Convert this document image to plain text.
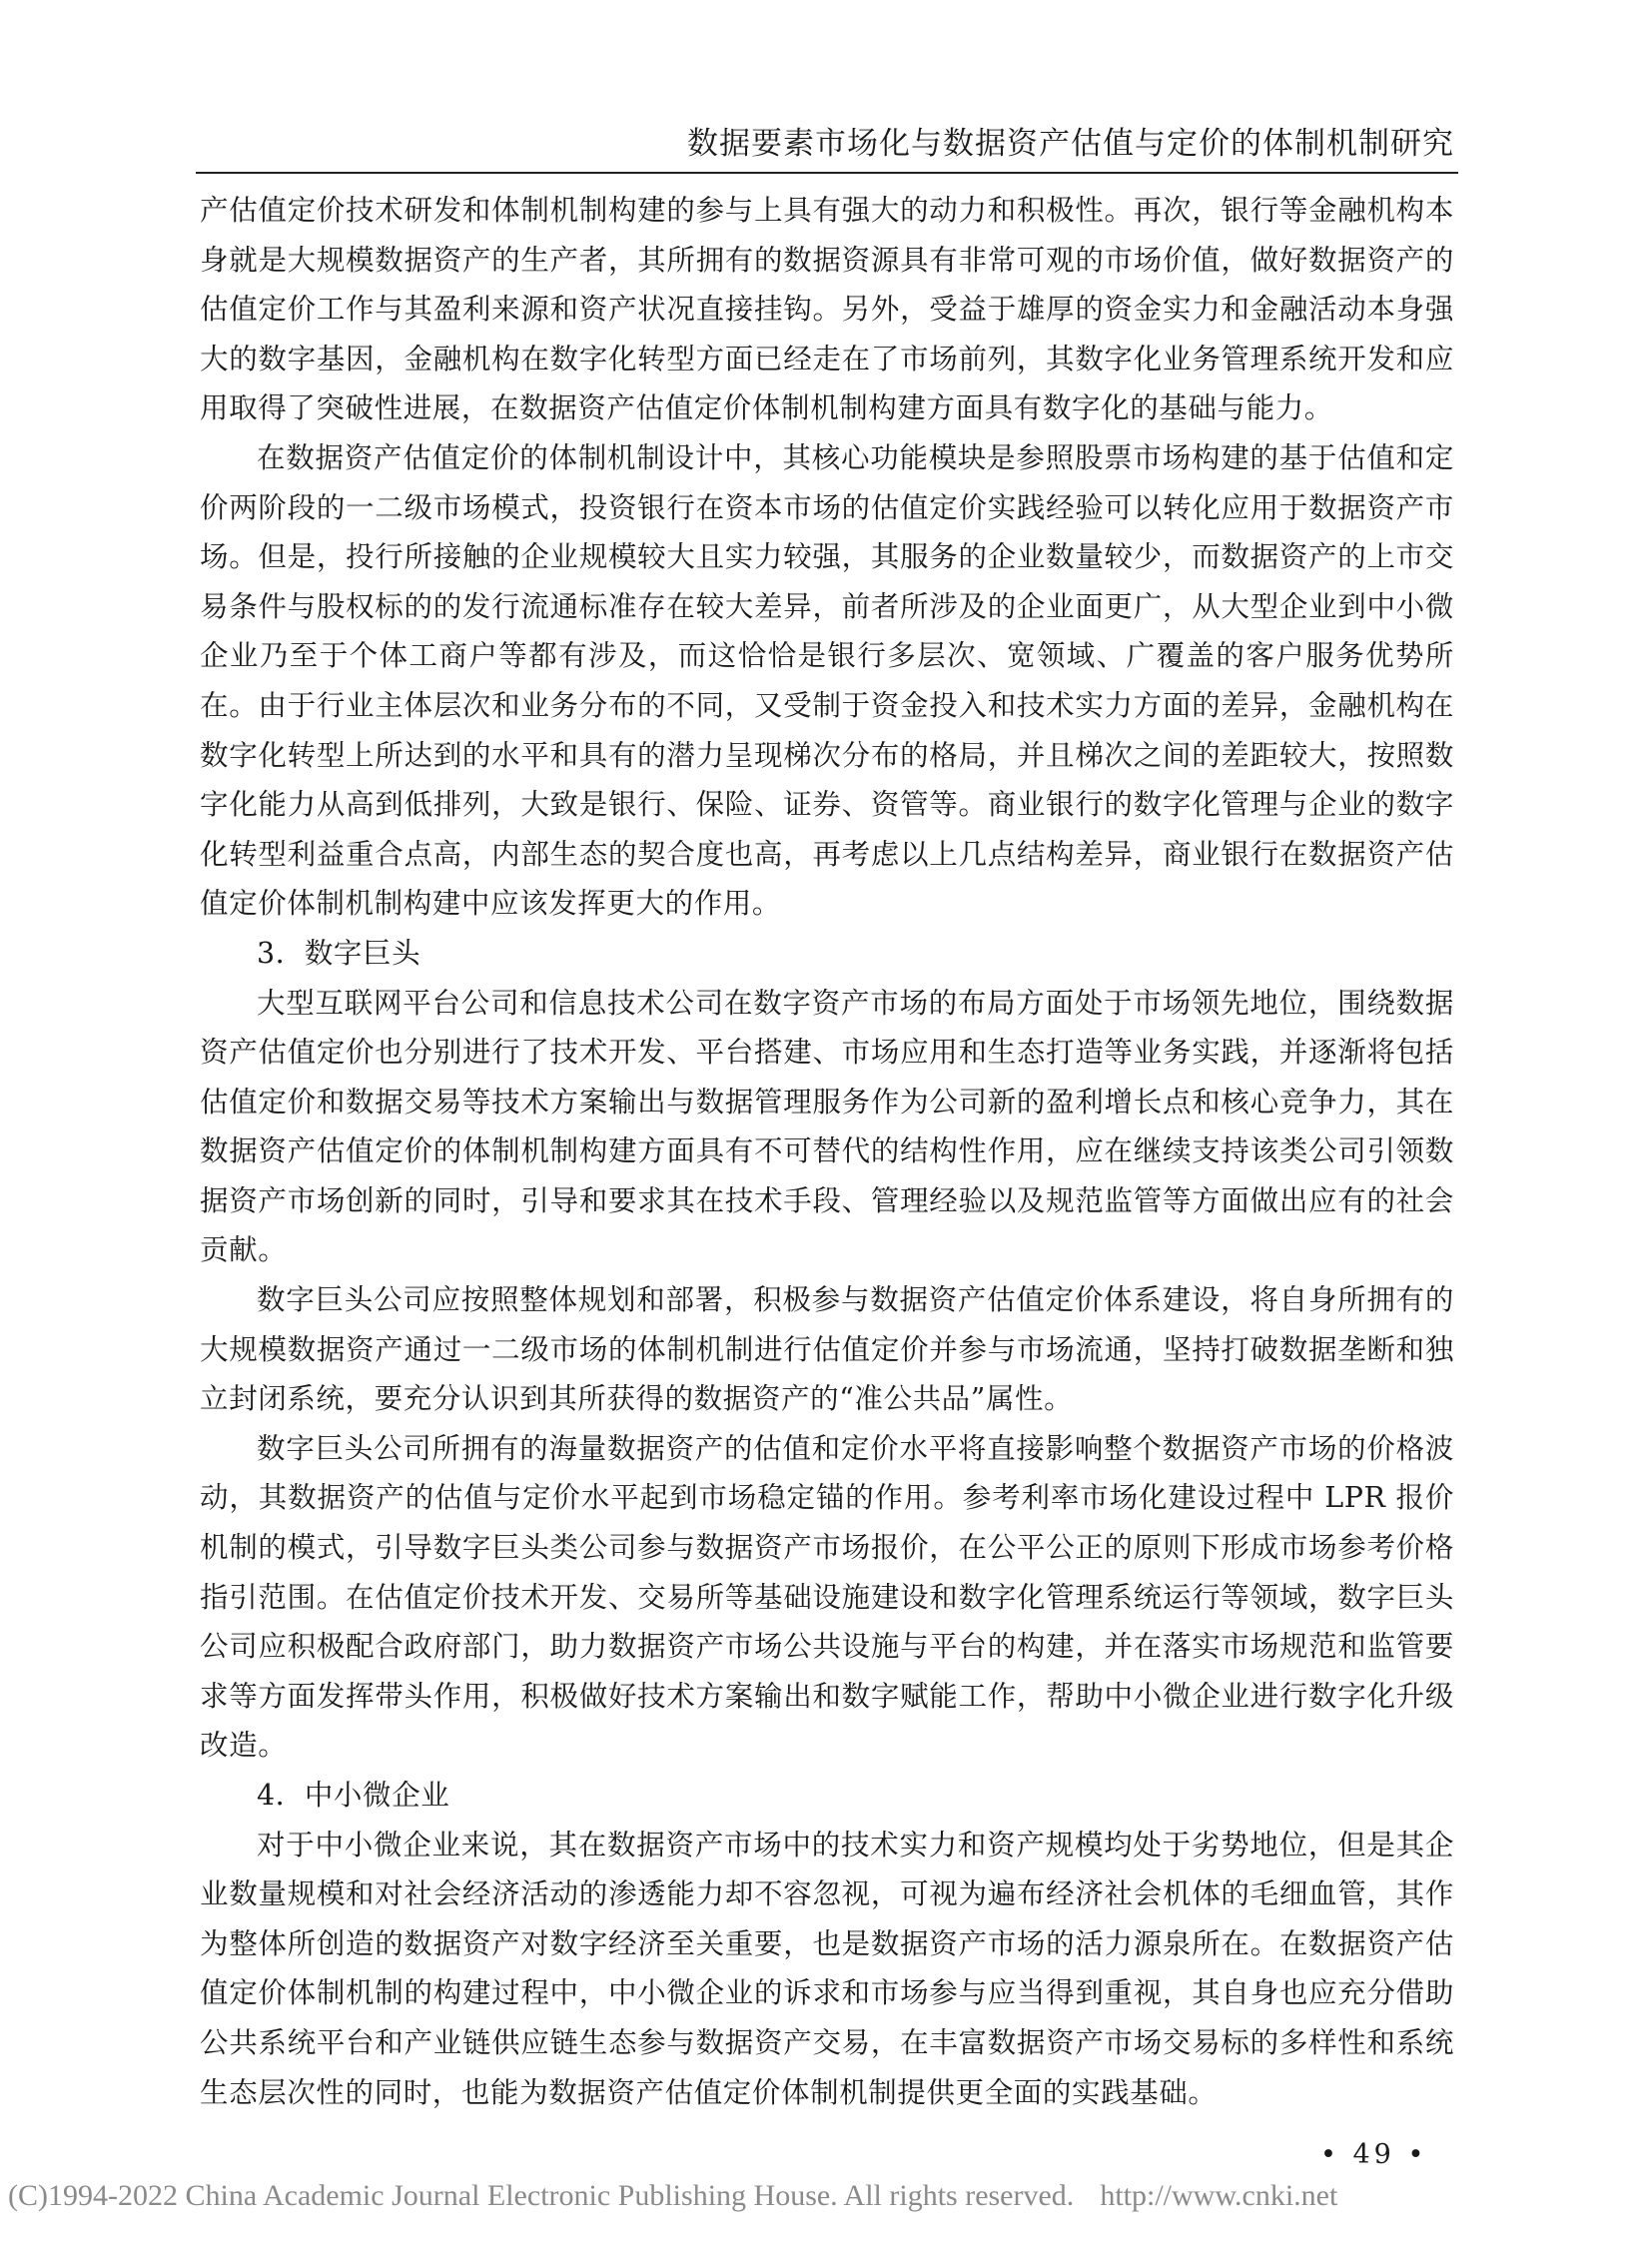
数据要素市场化与数据资产估值与定价的体制机制研究

产估值定价技术研发和体制机制构建的参与上具有强大的动力和积极性。再次，银行等金融机构本身就是大规模数据资产的生产者，其所拥有的数据资源具有非常可观的市场价值，做好数据资产的估值定价工作与其盈利来源和资产状况直接挂钩。另外，受益于雄厚的资金实力和金融活动本身强大的数字基因，金融机构在数字化转型方面已经走在了市场前列，其数字化业务管理系统开发和应用取得了突破性进展，在数据资产估值定价体制机制构建方面具有数字化的基础与能力。

在数据资产估值定价的体制机制设计中，其核心功能模块是参照股票市场构建的基于估值和定价两阶段的一二级市场模式，投资银行在资本市场的估值定价实践经验可以转化应用于数据资产市场。但是，投行所接触的企业规模较大且实力较强，其服务的企业数量较少，而数据资产的上市交易条件与股权标的的发行流通标准存在较大差异，前者所涉及的企业面更广，从大型企业到中小微企业乃至于个体工商户等都有涉及，而这恰恰是银行多层次、宽领域、广覆盖的客户服务优势所在。由于行业主体层次和业务分布的不同，又受制于资金投入和技术实力方面的差异，金融机构在数字化转型上所达到的水平和具有的潜力呈现梯次分布的格局，并且梯次之间的差距较大，按照数字化能力从高到低排列，大致是银行、保险、证券、资管等。商业银行的数字化管理与企业的数字化转型利益重合点高，内部生态的契合度也高，再考虑以上几点结构差异，商业银行在数据资产估值定价体制机制构建中应该发挥更大的作用。

3．数字巨头

大型互联网平台公司和信息技术公司在数字资产市场的布局方面处于市场领先地位，围绕数据资产估值定价也分别进行了技术开发、平台搭建、市场应用和生态打造等业务实践，并逐渐将包括估值定价和数据交易等技术方案输出与数据管理服务作为公司新的盈利增长点和核心竞争力，其在数据资产估值定价的体制机制构建方面具有不可替代的结构性作用，应在继续支持该类公司引领数据资产市场创新的同时，引导和要求其在技术手段、管理经验以及规范监管等方面做出应有的社会贡献。

数字巨头公司应按照整体规划和部署，积极参与数据资产估值定价体系建设，将自身所拥有的大规模数据资产通过一二级市场的体制机制进行估值定价并参与市场流通，坚持打破数据垄断和独立封闭系统，要充分认识到其所获得的数据资产的“准公共品”属性。

数字巨头公司所拥有的海量数据资产的估值和定价水平将直接影响整个数据资产市场的价格波动，其数据资产的估值与定价水平起到市场稳定锚的作用。参考利率市场化建设过程中 LPR 报价机制的模式，引导数字巨头类公司参与数据资产市场报价，在公平公正的原则下形成市场参考价格指引范围。在估值定价技术开发、交易所等基础设施建设和数字化管理系统运行等领域，数字巨头公司应积极配合政府部门，助力数据资产市场公共设施与平台的构建，并在落实市场规范和监管要求等方面发挥带头作用，积极做好技术方案输出和数字赋能工作，帮助中小微企业进行数字化升级改造。

4．中小微企业

对于中小微企业来说，其在数据资产市场中的技术实力和资产规模均处于劣势地位，但是其企业数量规模和对社会经济活动的渗透能力却不容忽视，可视为遍布经济社会机体的毛细血管，其作为整体所创造的数据资产对数字经济至关重要，也是数据资产市场的活力源泉所在。在数据资产估值定价体制机制的构建过程中，中小微企业的诉求和市场参与应当得到重视，其自身也应充分借助公共系统平台和产业链供应链生态参与数据资产交易，在丰富数据资产市场交易标的多样性和系统生态层次性的同时，也能为数据资产估值定价体制机制提供更全面的实践基础。

• 49 •
(C)1994-2022 China Academic Journal Electronic Publishing House. All rights reserved. http://www.cnki.net
